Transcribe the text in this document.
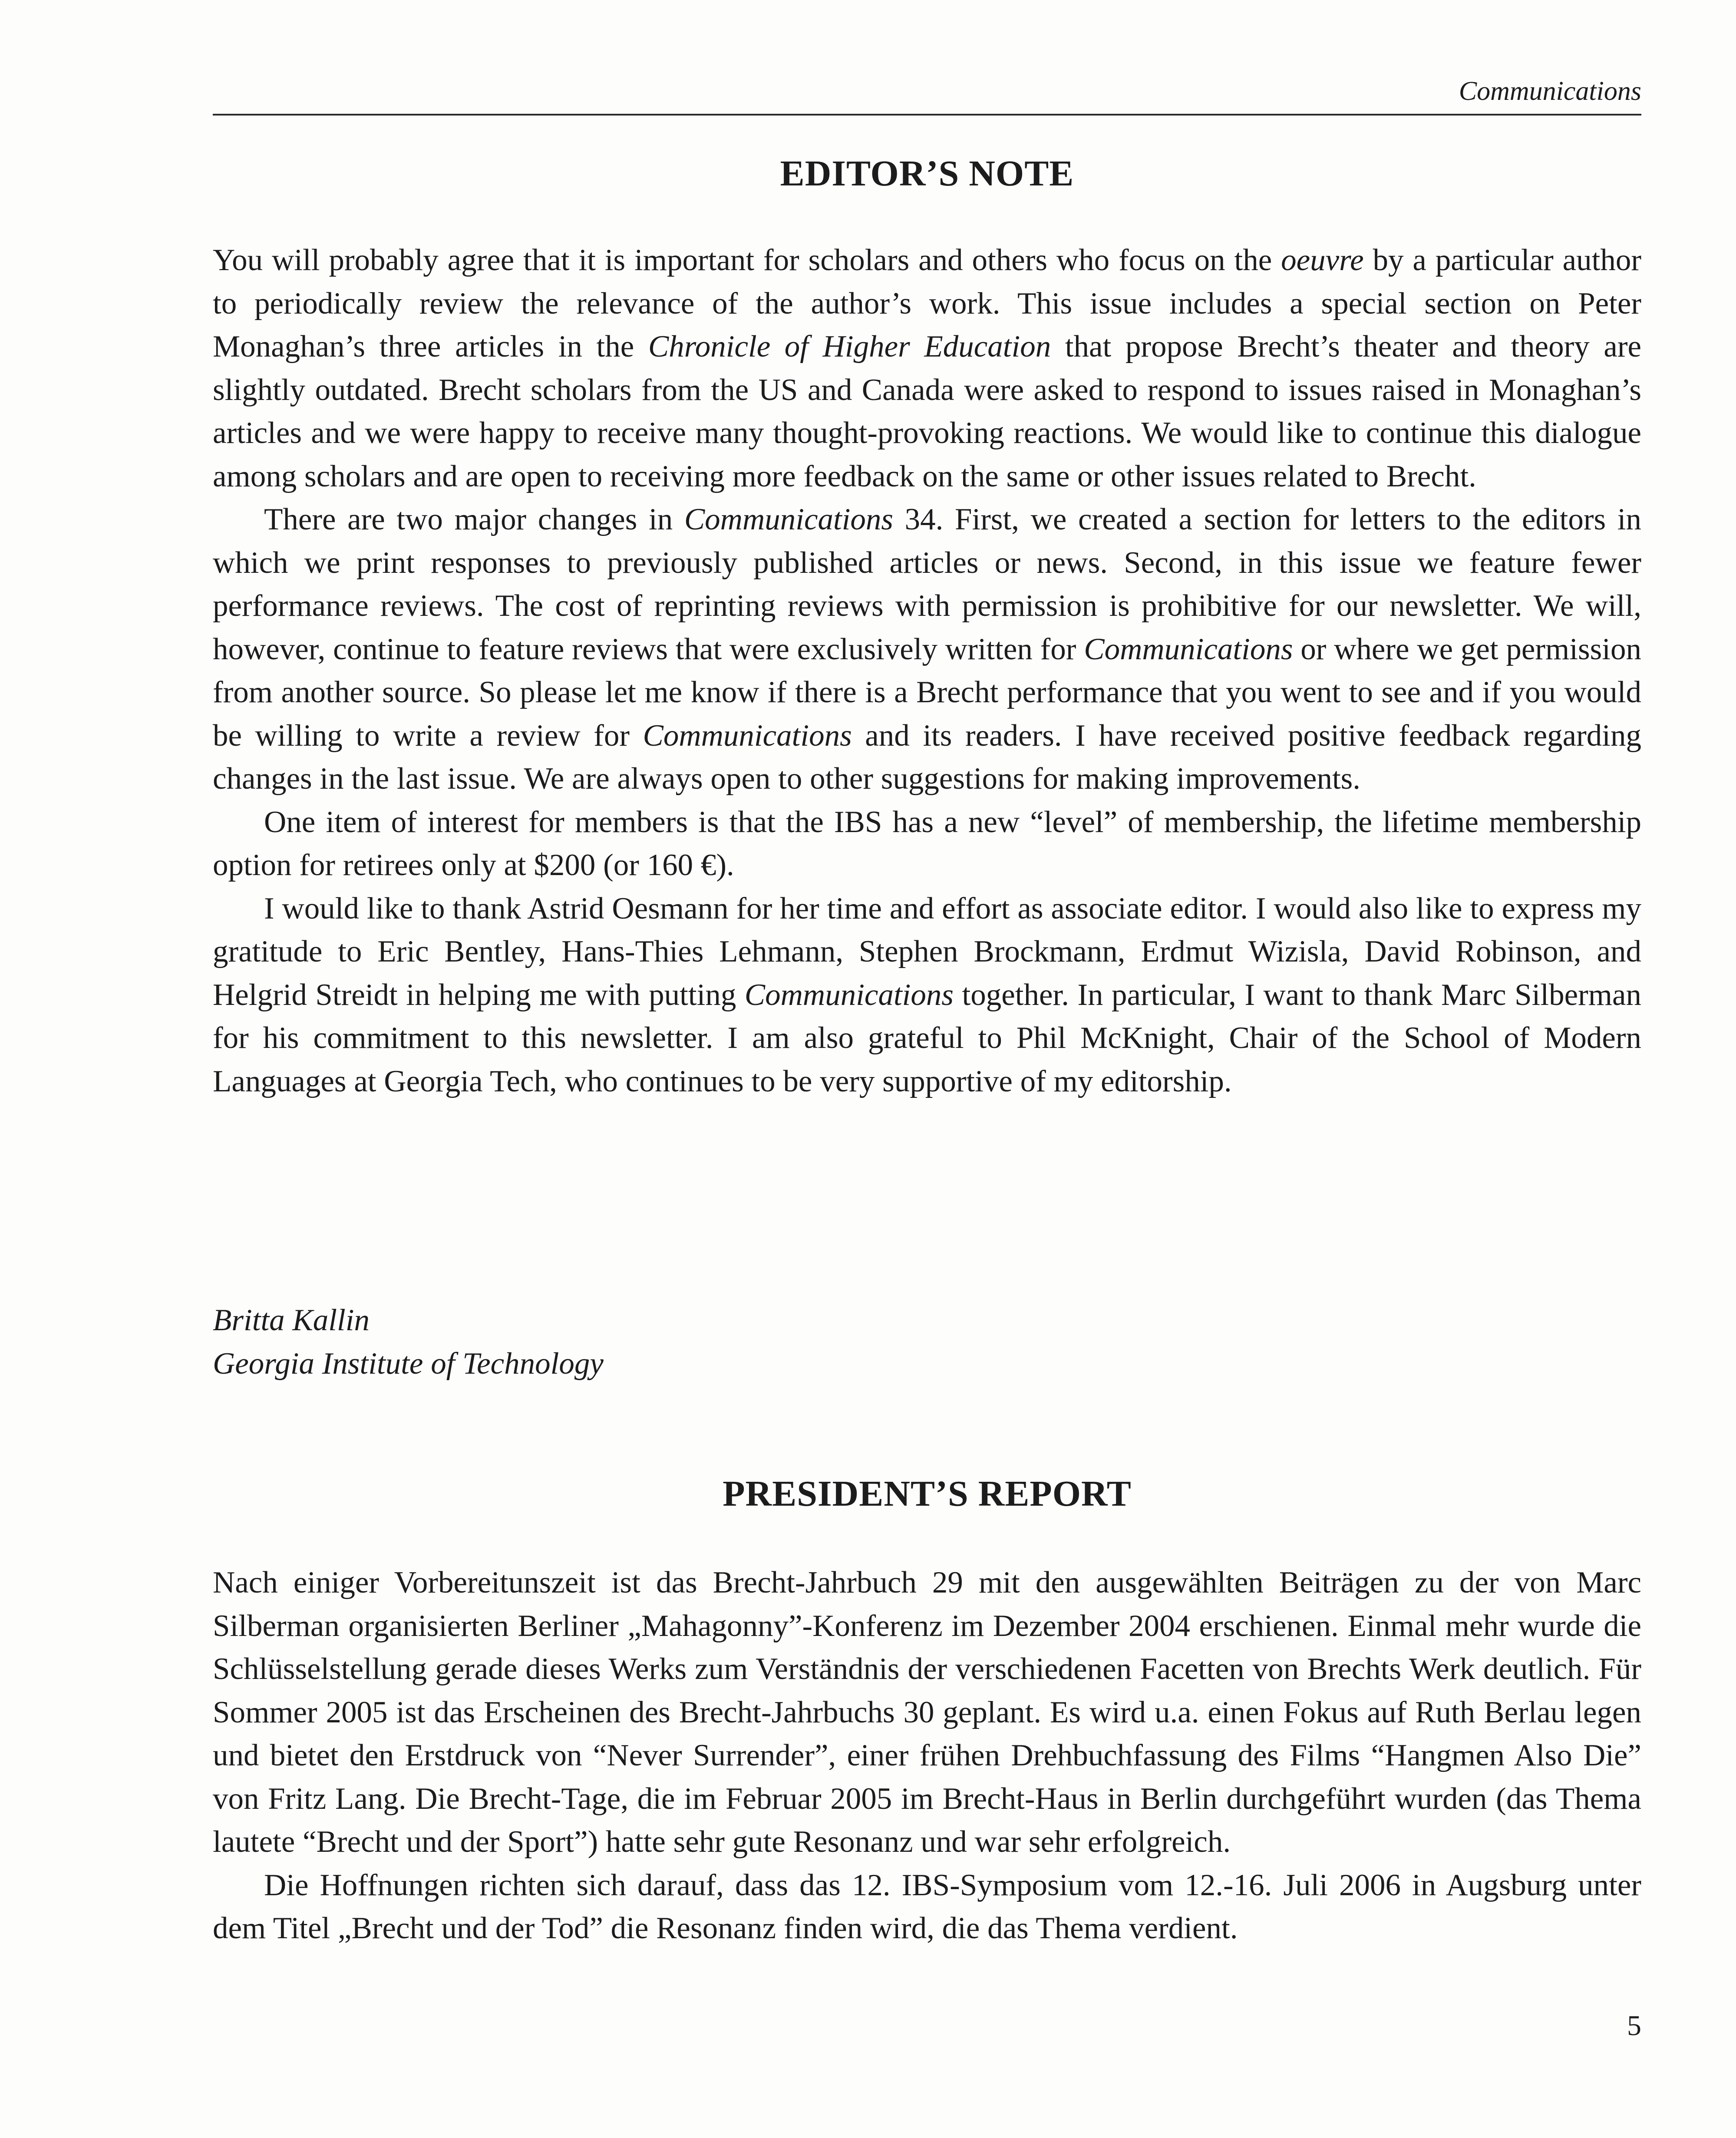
Communications
EDITOR’S NOTE

You will probably agree that it is important for scholars and others who focus on the oeuvre by a particular author to periodically review the relevance of the author’s work. This issue includes a special section on Peter Monaghan’s three articles in the Chronicle of Higher Education that propose Brecht’s theater and theory are slightly outdated. Brecht scholars from the US and Canada were asked to respond to issues raised in Monaghan’s articles and we were happy to receive many thought-provoking reactions. We would like to continue this dialogue among scholars and are open to receiving more feedback on the same or other issues related to Brecht.

There are two major changes in Communications 34. First, we created a section for letters to the editors in which we print responses to previously published articles or news. Second, in this issue we feature fewer performance reviews. The cost of reprinting reviews with permission is prohibitive for our newsletter. We will, however, continue to feature reviews that were exclusively written for Communications or where we get permission from another source. So please let me know if there is a Brecht performance that you went to see and if you would be willing to write a review for Communications and its readers. I have received positive feedback regarding changes in the last issue. We are always open to other suggestions for making improvements.

One item of interest for members is that the IBS has a new “level” of membership, the lifetime membership option for retirees only at $200 (or 160 €).

I would like to thank Astrid Oesmann for her time and effort as associate editor. I would also like to express my gratitude to Eric Bentley, Hans-Thies Lehmann, Stephen Brockmann, Erdmut Wizisla, David Robinson, and Helgrid Streidt in helping me with putting Communications together. In particular, I want to thank Marc Silberman for his commitment to this newsletter. I am also grateful to Phil McKnight, Chair of the School of Modern Languages at Georgia Tech, who continues to be very supportive of my editorship.

Britta Kallin
Georgia Institute of Technology
PRESIDENT’S REPORT

Nach einiger Vorbereitunszeit ist das Brecht-Jahrbuch 29 mit den ausgewählten Beiträgen zu der von Marc Silberman organisierten Berliner „Mahagonny”-Konferenz im Dezember 2004 erschienen. Einmal mehr wurde die Schlüsselstellung gerade dieses Werks zum Verständnis der verschiedenen Facetten von Brechts Werk deutlich. Für Sommer 2005 ist das Erscheinen des Brecht-Jahrbuchs 30 geplant. Es wird u.a. einen Fokus auf Ruth Berlau legen und bietet den Erstdruck von “Never Surrender”, einer frühen Drehbuchfassung des Films “Hangmen Also Die” von Fritz Lang. Die Brecht-Tage, die im Februar 2005 im Brecht-Haus in Berlin durchgeführt wurden (das Thema lautete “Brecht und der Sport”) hatte sehr gute Resonanz und war sehr erfolgreich.

Die Hoffnungen richten sich darauf, dass das 12. IBS-Symposium vom 12.-16. Juli 2006 in Augsburg unter dem Titel „Brecht und der Tod” die Resonanz finden wird, die das Thema verdient.

5
